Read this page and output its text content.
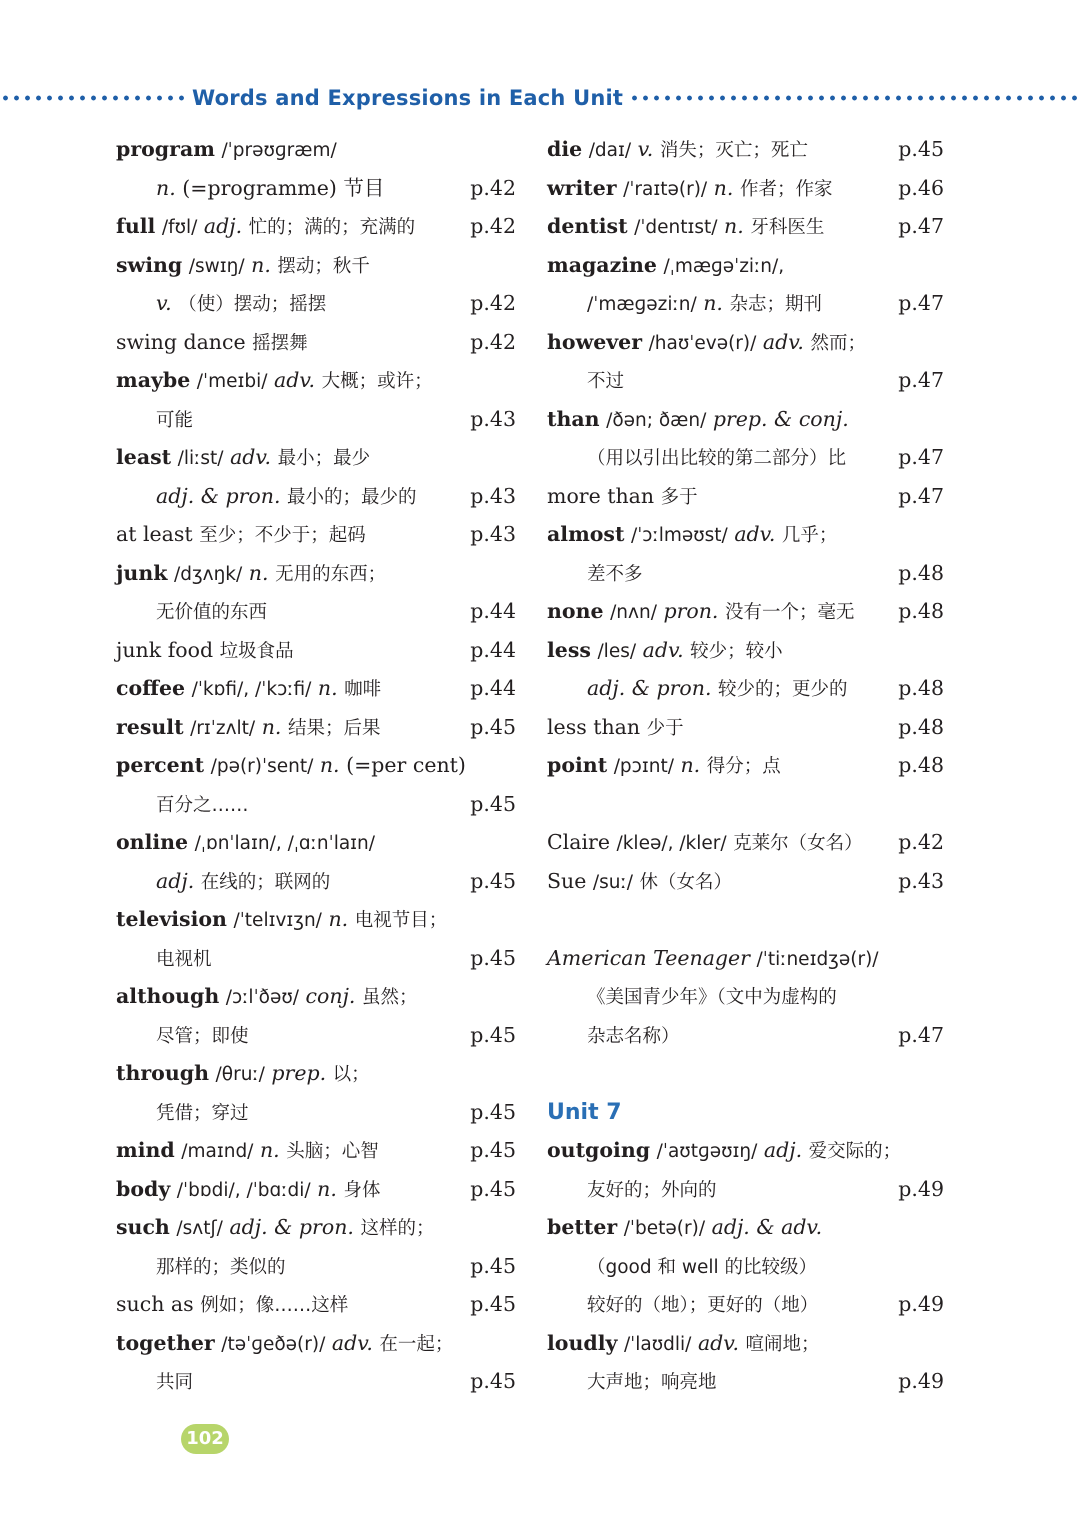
Words and Expressions in Each Unit
program /ˈprəʊɡræm/
n. (=programme) 节目	p.42
full /fʊl/ adj. 忙的；满的；充满的	p.42
swing /swɪŋ/ n. 摆动；秋千
v. （使）摆动；摇摆	p.42
swing dance 摇摆舞	p.42
maybe /ˈmeɪbi/ adv. 大概；或许；
可能	p.43
least /liːst/ adv. 最小；最少
adj. & pron. 最小的；最少的	p.43
at least 至少；不少于；起码	p.43
junk /dʒʌŋk/ n. 无用的东西；
无价值的东西	p.44
junk food 垃圾食品	p.44
coffee /ˈkɒfi/, /ˈkɔːfi/ n. 咖啡	p.44
result /rɪˈzʌlt/ n. 结果；后果	p.45
percent /pə(r)ˈsent/ n. (=per cent)
百分之……	p.45
online /ˌɒnˈlaɪn/, /ˌɑːnˈlaɪn/
adj. 在线的；联网的	p.45
television /ˈtelɪvɪʒn/ n. 电视节目；
电视机	p.45
although /ɔːlˈðəʊ/ conj. 虽然；
尽管；即使	p.45
through /θruː/ prep. 以；
凭借；穿过	p.45
mind /maɪnd/ n. 头脑；心智	p.45
body /ˈbɒdi/, /ˈbɑːdi/ n. 身体	p.45
such /sʌtʃ/ adj. & pron. 这样的；
那样的；类似的	p.45
such as 例如；像……这样	p.45
together /təˈɡeðə(r)/ adv. 在一起；
共同	p.45
die /daɪ/ v. 消失；灭亡；死亡	p.45
writer /ˈraɪtə(r)/ n. 作者；作家	p.46
dentist /ˈdentɪst/ n. 牙科医生	p.47
magazine /ˌmæɡəˈziːn/,
/ˈmæɡəziːn/ n. 杂志；期刊	p.47
however /haʊˈevə(r)/ adv. 然而；
不过	p.47
than /ðən; ðæn/ prep. & conj.
（用以引出比较的第二部分）比	p.47
more than 多于	p.47
almost /ˈɔːlməʊst/ adv. 几乎；
差不多	p.48
none /nʌn/ pron. 没有一个；毫无 p.48
less /les/ adv. 较少；较小
adj. & pron. 较少的；更少的 p.48
less than 少于	p.48
point /pɔɪnt/ n. 得分；点	p.48
Claire /kleə/, /kler/ 克莱尔（女名） p.42
Sue /suː/ 休（女名）	p.43
American Teenager /ˈtiːneɪdʒə(r)/
《美国青少年》（文中为虚构的
杂志名称）	p.47
Unit 7
outgoing /ˈaʊtɡəʊɪŋ/ adj. 爱交际的；
友好的；外向的	p.49
better /ˈbetə(r)/ adj. & adv.
（good 和 well 的比较级）
较好的（地）；更好的（地）	p.49
loudly /ˈlaʊdli/ adv. 喧闹地；
大声地；响亮地	p.49
102
